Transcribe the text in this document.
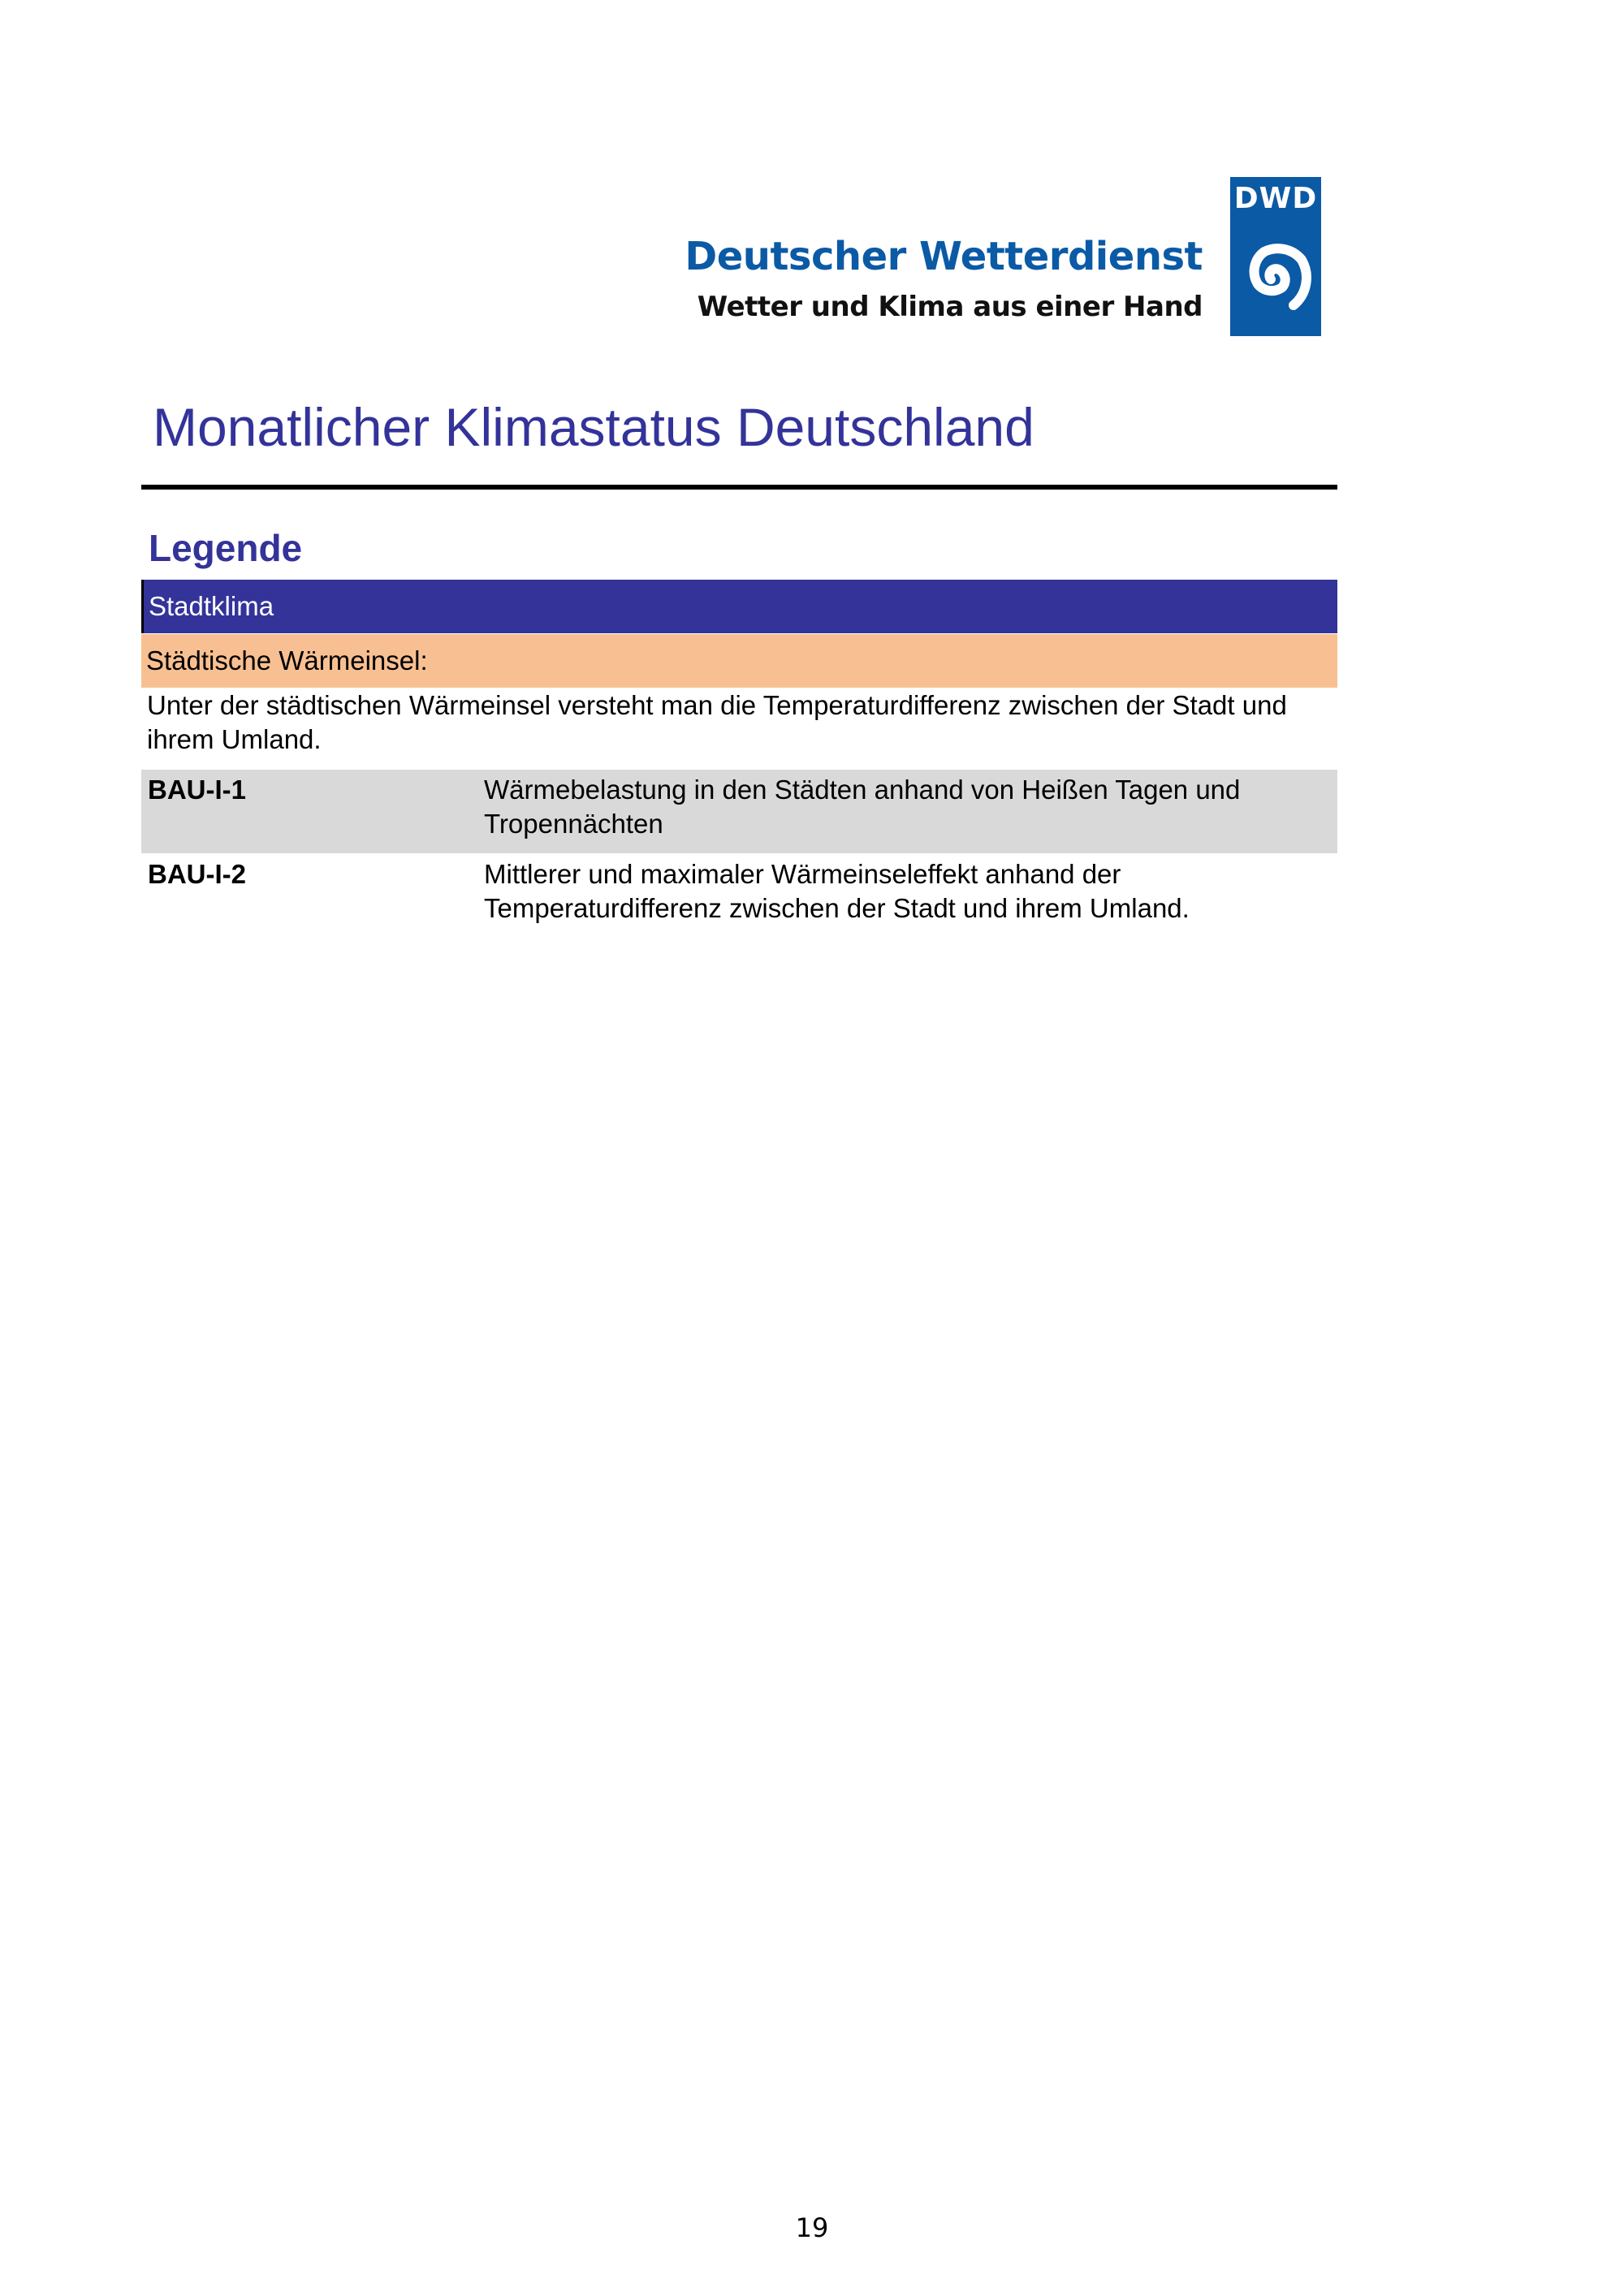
Deutscher Wetterdienst
Wetter und Klima aus einer Hand
DWD
Monatlicher Klimastatus Deutschland
Legende
Stadtklima
Städtische Wärmeinsel:
Unter der städtischen Wärmeinsel versteht man die Temperaturdifferenz zwischen der Stadt und ihrem Umland.
BAU-I-1	Wärmebelastung in den Städten anhand von Heißen Tagen und Tropennächten
BAU-I-2	Mittlerer und maximaler Wärmeinseleffekt anhand der Temperaturdifferenz zwischen der Stadt und ihrem Umland.
19
